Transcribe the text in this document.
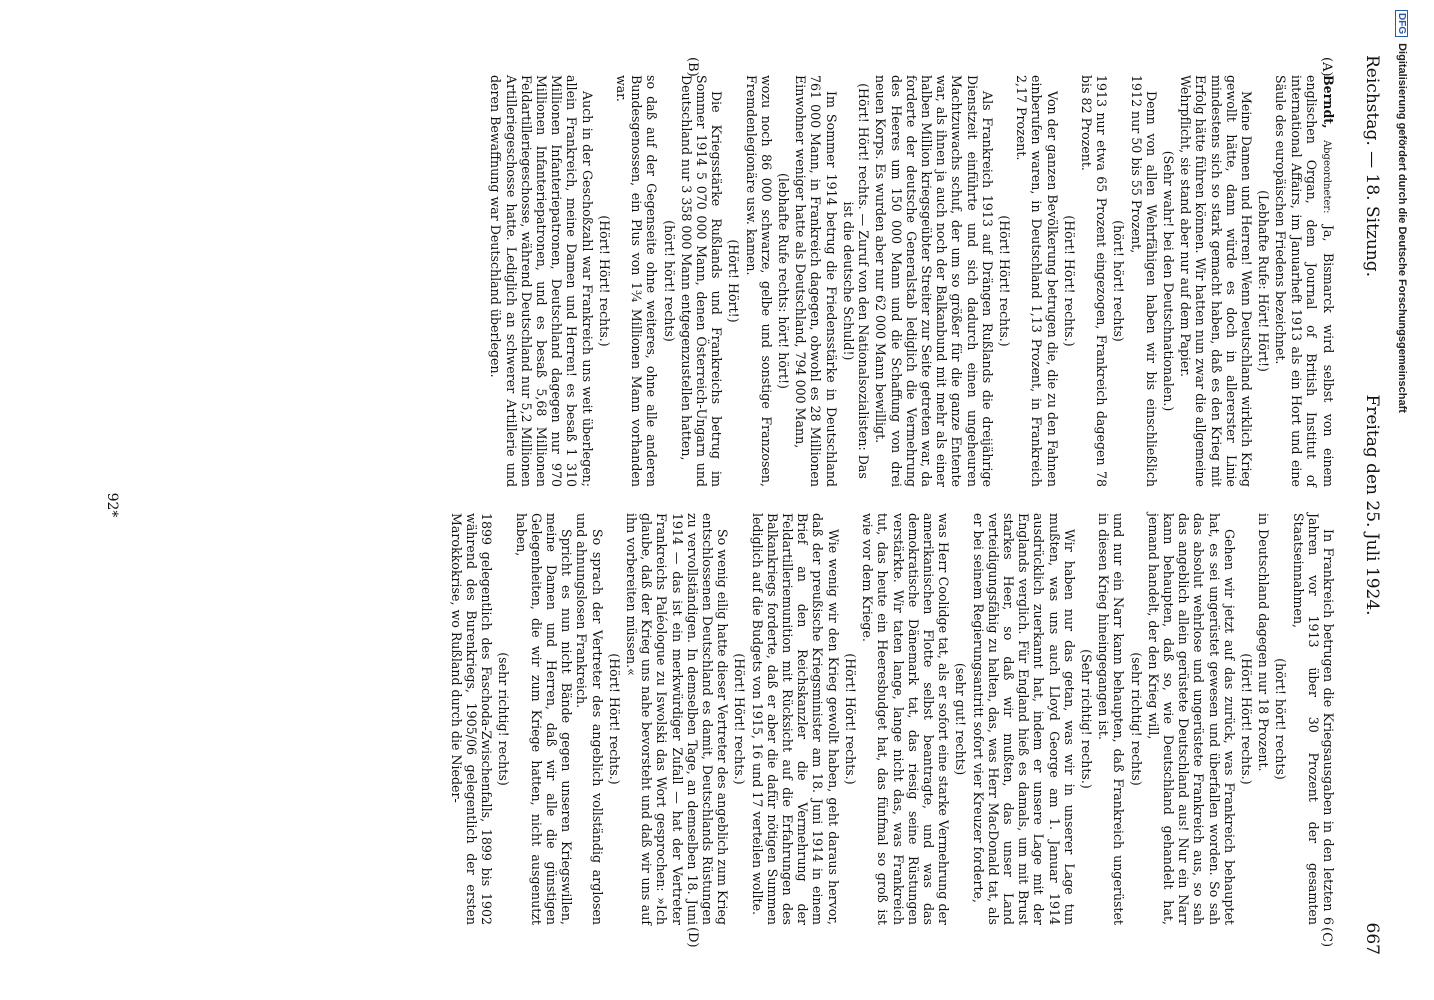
Reichstag. — 18. Sitzung.
Freitag den 25. Juli 1924.
667
(A)
(B)
(C)
(D)

Berndt, Abgeordneter: Ja, Bismarck wird selbst von einem englischen Organ, dem Journal of British Institut of international Affairs, im Januarheft 1913 als ein Hort und eine Säule des europäischen Friedens bezeichnet.

(Lebhafte Rufe: Hört! Hört!)

Meine Damen und Herren! Wenn Deutschland wirklich Krieg gewollt hätte, dann würde es doch in allererster Linie mindestens sich so stark gemacht haben, daß es den Krieg mit Erfolg hätte führen können. Wir hatten nun zwar die allgemeine Wehrpflicht, sie stand aber nur auf dem Papier.

(Sehr wahr! bei den Deutschnationalen.)

Denn von allen Wehrfähigen haben wir bis einschließlich 1912 nur 50 bis 55 Prozent,

(hört! hört! rechts)

1913 nur etwa 65 Prozent eingezogen, Frankreich dagegen 78 bis 82 Prozent.

(Hört! Hört! rechts.)

Von der ganzen Bevölkerung betrugen die, die zu den Fahnen einberufen waren, in Deutschland 1,13 Prozent, in Frankreich 2,17 Prozent.

(Hört! Hört! rechts.)

Als Frankreich 1913 auf Drängen Rußlands die dreijährige Dienstzeit einführte und sich dadurch einen ungeheuren Machtzuwachs schuf, der um so größer für die ganze Entente war, als ihnen ja auch noch der Balkanbund mit mehr als einer halben Million kriegsgeübter Streiter zur Seite getreten war, da forderte der deutsche Generalstab lediglich die Vermehrung des Heeres um 150 000 Mann und die Schaffung von drei neuen Korps. Es wurden aber nur 62 000 Mann bewilligt.

(Hört! Hört! rechts. — Zuruf von den Nationalsozialisten: Das ist die deutsche Schuld!)

Im Sommer 1914 betrug die Friedensstärke in Deutschland 761 000 Mann, in Frankreich dagegen, obwohl es 28 Millionen Einwohner weniger hatte als Deutschland, 794 000 Mann,

(lebhafte Rufe rechts: hört! hört!)

wozu noch 86 000 schwarze, gelbe und sonstige Franzosen, Fremdenlegionäre usw. kamen.

(Hört! Hört!)

Die Kriegsstärke Rußlands und Frankreichs betrug im Sommer 1914 5 070 000 Mann, denen Österreich-Ungarn und Deutschland nur 3 358 000 Mann entgegenzustellen hatten,

(hört! hört! rechts)

so daß auf der Gegenseite ohne weiteres, ohne alle anderen Bundesgenossen, ein Plus von 1¾ Millionen Mann vorhanden war.

(Hört! Hört! rechts.)

Auch in der Geschoßzahl war Frankreich uns weit überlegen; allein Frankreich, meine Damen und Herren! es besaß 1 310 Millionen Infanteriepatronen, Deutschland dagegen nur 970 Millionen Infanteriepatronen, und es besaß 5,68 Millionen Feldartilleriegeschosse, während Deutschland nur 5,2 Millionen Artilleriegeschosse hatte. Lediglich an schwerer Artillerie und deren Bewaffnung war Deutschland überlegen.

In Frankreich betrugen die Kriegsausgaben in den letzten 6 Jahren vor 1913 über 30 Prozent der gesamten Staatseinnahmen,

(hört! hört! rechts)

in Deutschland dagegen nur 18 Prozent.

(Hört! Hört! rechts.)

Gehen wir jetzt auf das zurück, was Frankreich behauptet hat, es sei ungerüstet gewesen und überfallen worden. So sah das absolut wehrlose und ungerüstete Frankreich aus, so sah das angeblich allein gerüstete Deutschland aus! Nur ein Narr kann behaupten, daß so, wie Deutschland gehandelt hat, jemand handelt, der den Krieg will,

(sehr richtig! rechts)

und nur ein Narr kann behaupten, daß Frankreich ungerüstet in diesen Krieg hineingegangen ist.

(Sehr richtig! rechts.)

Wir haben nur das getan, was wir in unserer Lage tun mußten, was uns auch Lloyd George am 1. Januar 1914 ausdrücklich zuerkannt hat, indem er unsere Lage mit der Englands verglich. Für England hieß es damals, um mit Brust starkes Heer, so daß wir mußten, das unser Land verteidigungsfähig zu halten, das, was Herr MacDonald tat, als er bei seinem Regierungsantritt sofort vier Kreuzer forderte,

(sehr gut! rechts)

was Herr Coolidge tat, als er sofort eine starke Vermehrung der amerikanischen Flotte selbst beantragte, und was das demokratische Dänemark tat, das riesig seine Rüstungen verstärkte. Wir taten lange, lange nicht das, was Frankreich tut, das heute ein Heeresbudget hat, das fünfmal so groß ist wie vor dem Kriege.

(Hört! Hört! rechts.)

Wie wenig wir den Krieg gewollt haben, geht daraus hervor, daß der preußische Kriegsminister am 18. Juni 1914 in einem Brief an den Reichskanzler die Vermehrung der Feldartilleriemunition mit Rücksicht auf die Erfahrungen des Balkankriegs forderte, daß er aber die dafür nötigen Summen lediglich auf die Budgets von 1915, 16 und 17 verteilen wollte.

(Hört! Hört! rechts.)

So wenig eilig hatte dieser Vertreter des angeblich zum Krieg entschlossenen Deutschland es damit, Deutschlands Rüstungen zu vervollständigen. In demselben Tage, an demselben 18. Juni 1914 — das ist ein merkwürdiger Zufall — hat der Vertreter Frankreichs Paléologue zu Iswolski das Wort gesprochen: »Ich glaube, daß der Krieg uns nahe bevorsteht und daß wir uns auf ihn vorbereiten müssen.«

(Hört! Hört! rechts.)

So sprach der Vertreter des angeblich vollständig arglosen und ahnungslosen Frankreich.

Spricht es nun nicht Bände gegen unseren Kriegswillen, meine Damen und Herren, daß wir alle die günstigen Gelegenheiten, die wir zum Kriege hatten, nicht ausgenutzt haben,

(sehr richtig! rechts)

1899 gelegentlich des Faschoda-Zwischenfalls, 1899 bis 1902 während des Burenkriegs, 1905/06 gelegentlich der ersten Marokkokrise, wo Rußland durch die Nieder-

92*
DFGDigitalisierung gefördert durch die Deutsche Forschungsgemeinschaft
